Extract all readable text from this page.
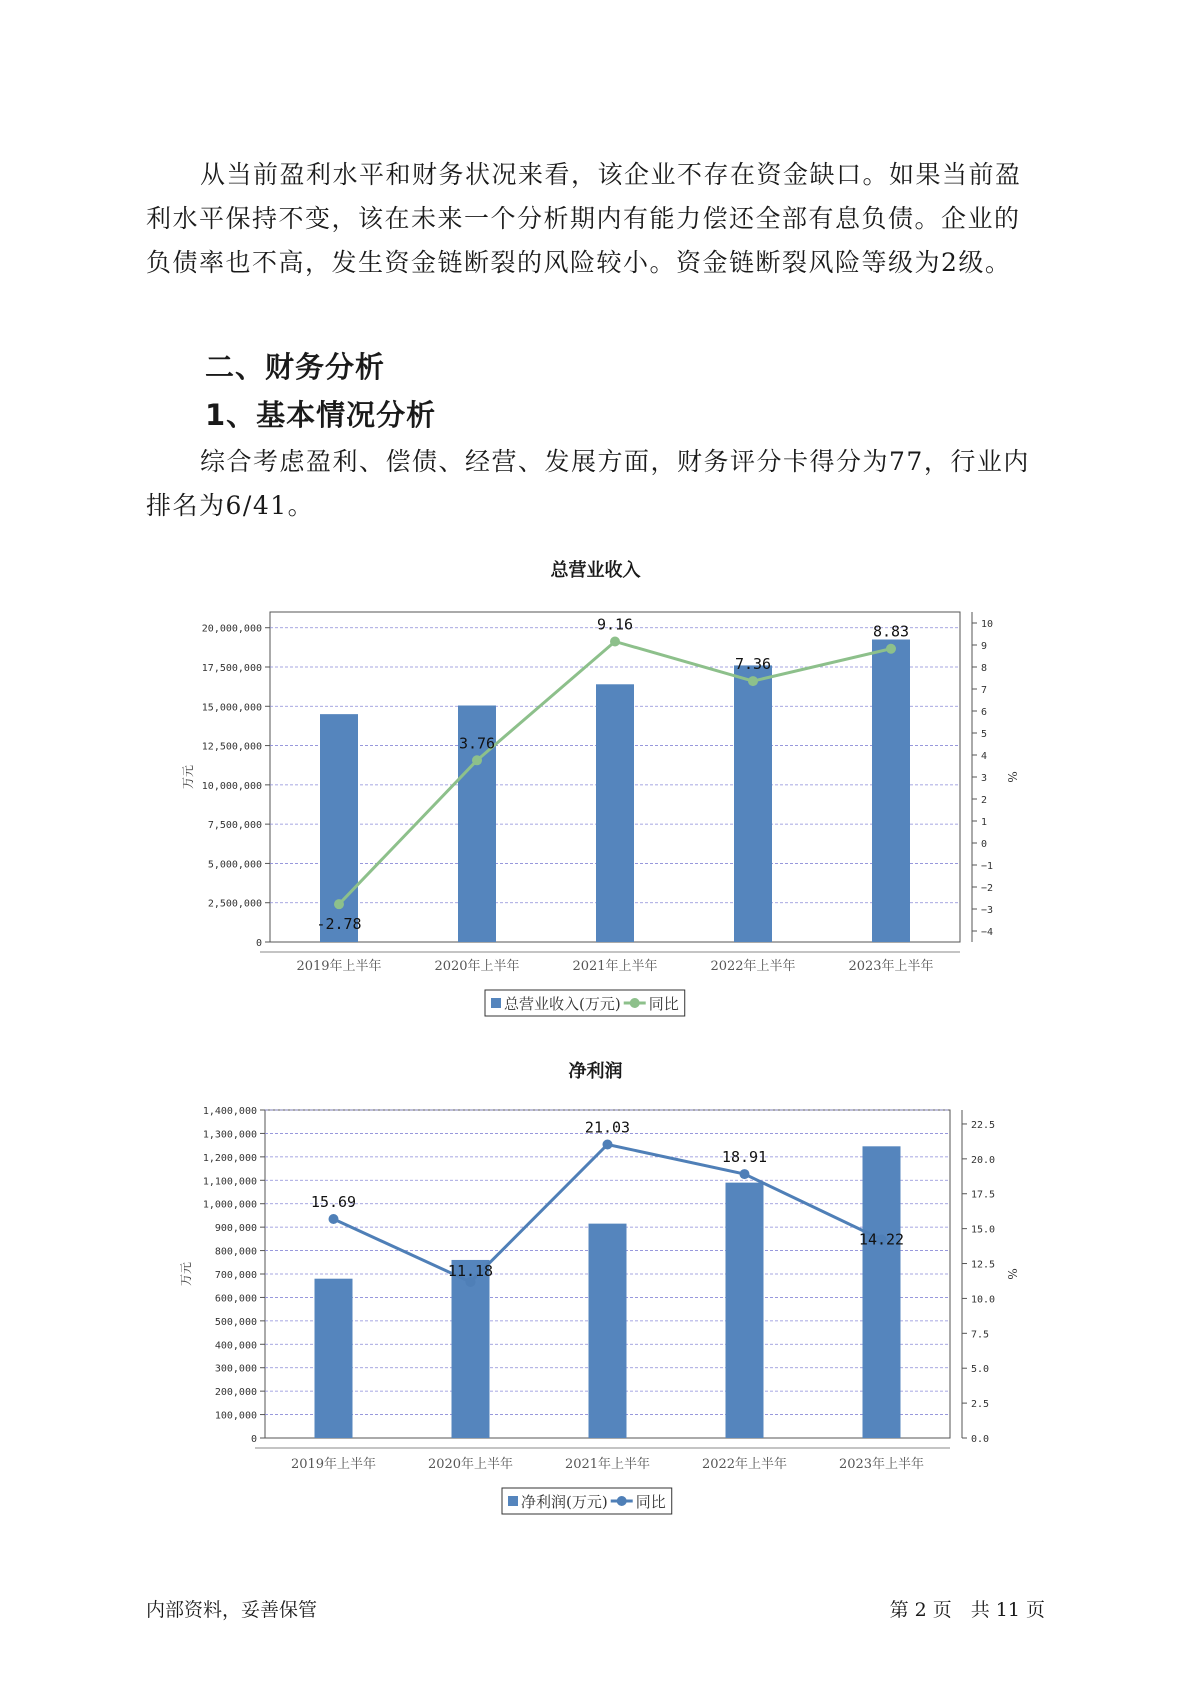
从当前盈利水平和财务状况来看，该企业不存在资金缺口。如果当前盈利水平保持不变，该在未来一个分析期内有能力偿还全部有息负债。企业的负债率也不高，发生资金链断裂的风险较小。资金链断裂风险等级为2级。

二、财务分析
1、基本情况分析

综合考虑盈利、偿债、经营、发展方面，财务评分卡得分为77，行业内排名为6/41。

总营业收入
0
2,500,000
5,000,000
7,500,000
10,000,000
12,500,000
15,000,000
17,500,000
20,000,000
−4
−3
−2
−1
0
1
2
3
4
5
6
7
8
9
10
万元	%
2019年上半年	2020年上半年	2021年上半年	2022年上半年	2023年上半年
-2.78
3.76
9.16
7.36
8.83
总营业收入(万元) 同比
净利润
0
100,000
200,000
300,000
400,000
500,000
600,000
700,000
800,000
900,000
1,000,000
1,100,000
1,200,000
1,300,000
1,400,000
0.0
2.5
5.0
7.5
10.0
12.5
15.0
17.5
20.0
22.5
万元	%
2019年上半年	2020年上半年	2021年上半年	2022年上半年	2023年上半年
15.69
11.18
21.03
18.91
14.22
净利润(万元) 同比

内部资料，妥善保管	第 2 页　共 11 页
